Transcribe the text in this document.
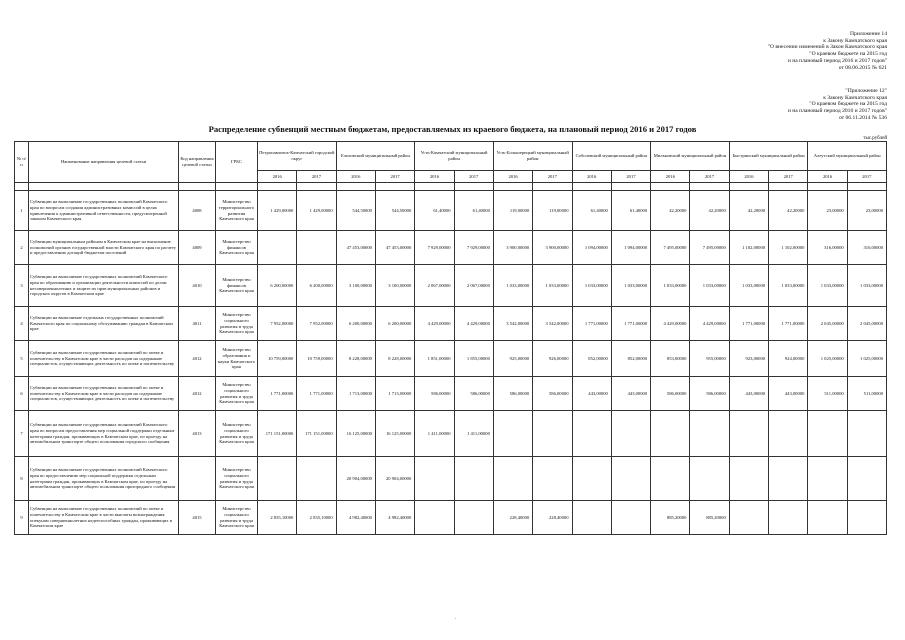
Приложение 14
к Закону Камчатского края
"О внесении изменений в Закон Камчатского края
"О краевом бюджете на 2015 год
и на плановый период 2016 и 2017 годов"
от 08.06.2015 № 621
"Приложение 12"
к Закону Камчатского края
"О краевом бюджете на 2015 год
и на плановый период 2016 и 2017 годов"
от 06.11.2014 № 536
Распределение субвенций местным бюджетам, предоставляемых из краевого бюджета, на плановый период 2016 и 2017 годов
тыс.рублей
№ п/п	Наименование направления целевой статьи	Код направления целевой статьи	ГРБС	Петропавловск-Камчатский городской округ		Елизовский муниципальный район		Усть-Камчатский муниципальный район		Усть-Большерецкий муниципальный район		Соболевский муниципальный район		Мильковский муниципальный район		Быстринский муниципальный район		Алеутский муниципальный район	
				2016	2017	2016	2017	2016	2017	2016	2017	2016	2017	2016	2017	2016	2017	2016	2017

1	Субвенции на выполнение государственных полномочий Камчатского края по вопросам создания административных комиссий в целях привлечения к административной ответственности, предусмотренной законом Камчатского края	4008	Министерство территориального развития Камчатского края	1 429,00000	1 429,00000	544,50000	544,50000	61,40000	61,40000	119,00000	119,00000	61,40000	61,40000	42,20000	42,20000	42,20000	42,20000	23,00000	23,00000
2	Субвенции муниципальным районам в Камчатском крае на выполнение полномочий органов государственной власти Камчатского края по расчету и предоставлению дотаций бюджетам поселений	4009	Министерство финансов Камчатского края			47 453,00000	47 453,00000	7 929,00000	7 929,00000	3 900,00000	3 900,00000	1 094,00000	1 094,00000	7 495,00000	7 495,00000	1 102,00000	1 102,00000	316,00000	316,00000
3	Субвенции на выполнение государственных полномочий Камчатского края по образованию и организации деятельности комиссий по делам несовершеннолетних и защите их прав муниципальных районов и городских округов в Камчатском крае	4010	Министерство финансов Камчатского края	6 200,00000	6 200,00000	3 100,00000	3 100,00000	2 067,00000	2 067,00000	1 033,00000	1 033,00000	1 033,00000	1 033,00000	1 033,00000	1 033,00000	1 033,00000	1 033,00000	1 033,00000	1 033,00000
4	Субвенции на выполнение отдельных государственных полномочий Камчатского края по социальному обслуживанию граждан в Камчатском крае	4011	Министерство социального развития и труда Камчатского края	7 952,00000	7 952,00000	6 200,00000	6 200,00000	4 429,00000	4 429,00000	3 542,00000	3 542,00000	1 771,00000	1 771,00000	4 429,00000	4 429,00000	1 771,00000	1 771,00000	2 045,00000	2 045,00000
5	Субвенции на выполнение государственных полномочий по опеке и попечительству в Камчатском крае в части расходов на содержание специалистов, осуществляющих деятельность по опеке и попечительству	4012	Министерство образования и науки Камчатского края	10 759,00000	10 759,00000	8 228,00000	8 228,00000	1 851,00000	1 855,00000	925,00000	926,00000	852,00000	852,00000	853,00000	955,00000	923,00000	924,00000	1 025,00000	1 025,00000
6	Субвенции на выполнение государственных полномочий по опеке и попечительству в Камчатском крае в части расходов на содержание специалистов, осуществляющих деятельность по опеке и попечительству	4012	Министерство социального развития и труда Камчатского края	1 771,00000	1 771,00000	1 713,00000	1 713,00000	586,00000	586,00000	586,00000	586,00000	443,00000	443,00000	586,00000	586,00000	443,00000	443,00000	511,00000	511,00000
7	Субвенции на выполнение государственных полномочий Камчатского края по вопросам предоставления мер социальной поддержки отдельным категориям граждан, проживающих в Камчатском крае, по проезду на автомобильном транспорте общего пользования городского сообщения	4013	Министерство социального развития и труда Камчатского края	171 151,00000	171 151,00000	16 125,00000	16 125,00000	1 411,00000	1 411,00000										
8	Субвенции на выполнение государственных полномочий Камчатского края по предоставлению мер социальной поддержки отдельным категориям граждан, проживающих в Камчатском крае, по проезду на автомобильном транспорте общего пользования пригородного сообщения		Министерство социального развития и труда Камчатского края			20 904,00000	20 904,00000												
9	Субвенции на выполнение государственных полномочий по опеке и попечительству в Камчатском крае в части выплаты вознаграждения опекунам совершеннолетних недееспособных граждан, проживающих в Камчатском крае	4015	Министерство социального развития и труда Камчатского края	2 835,10000	2 835,10000	4 982,40000	4 982,40000			228,40000	228,40000			885,20000	885,20000				
.
